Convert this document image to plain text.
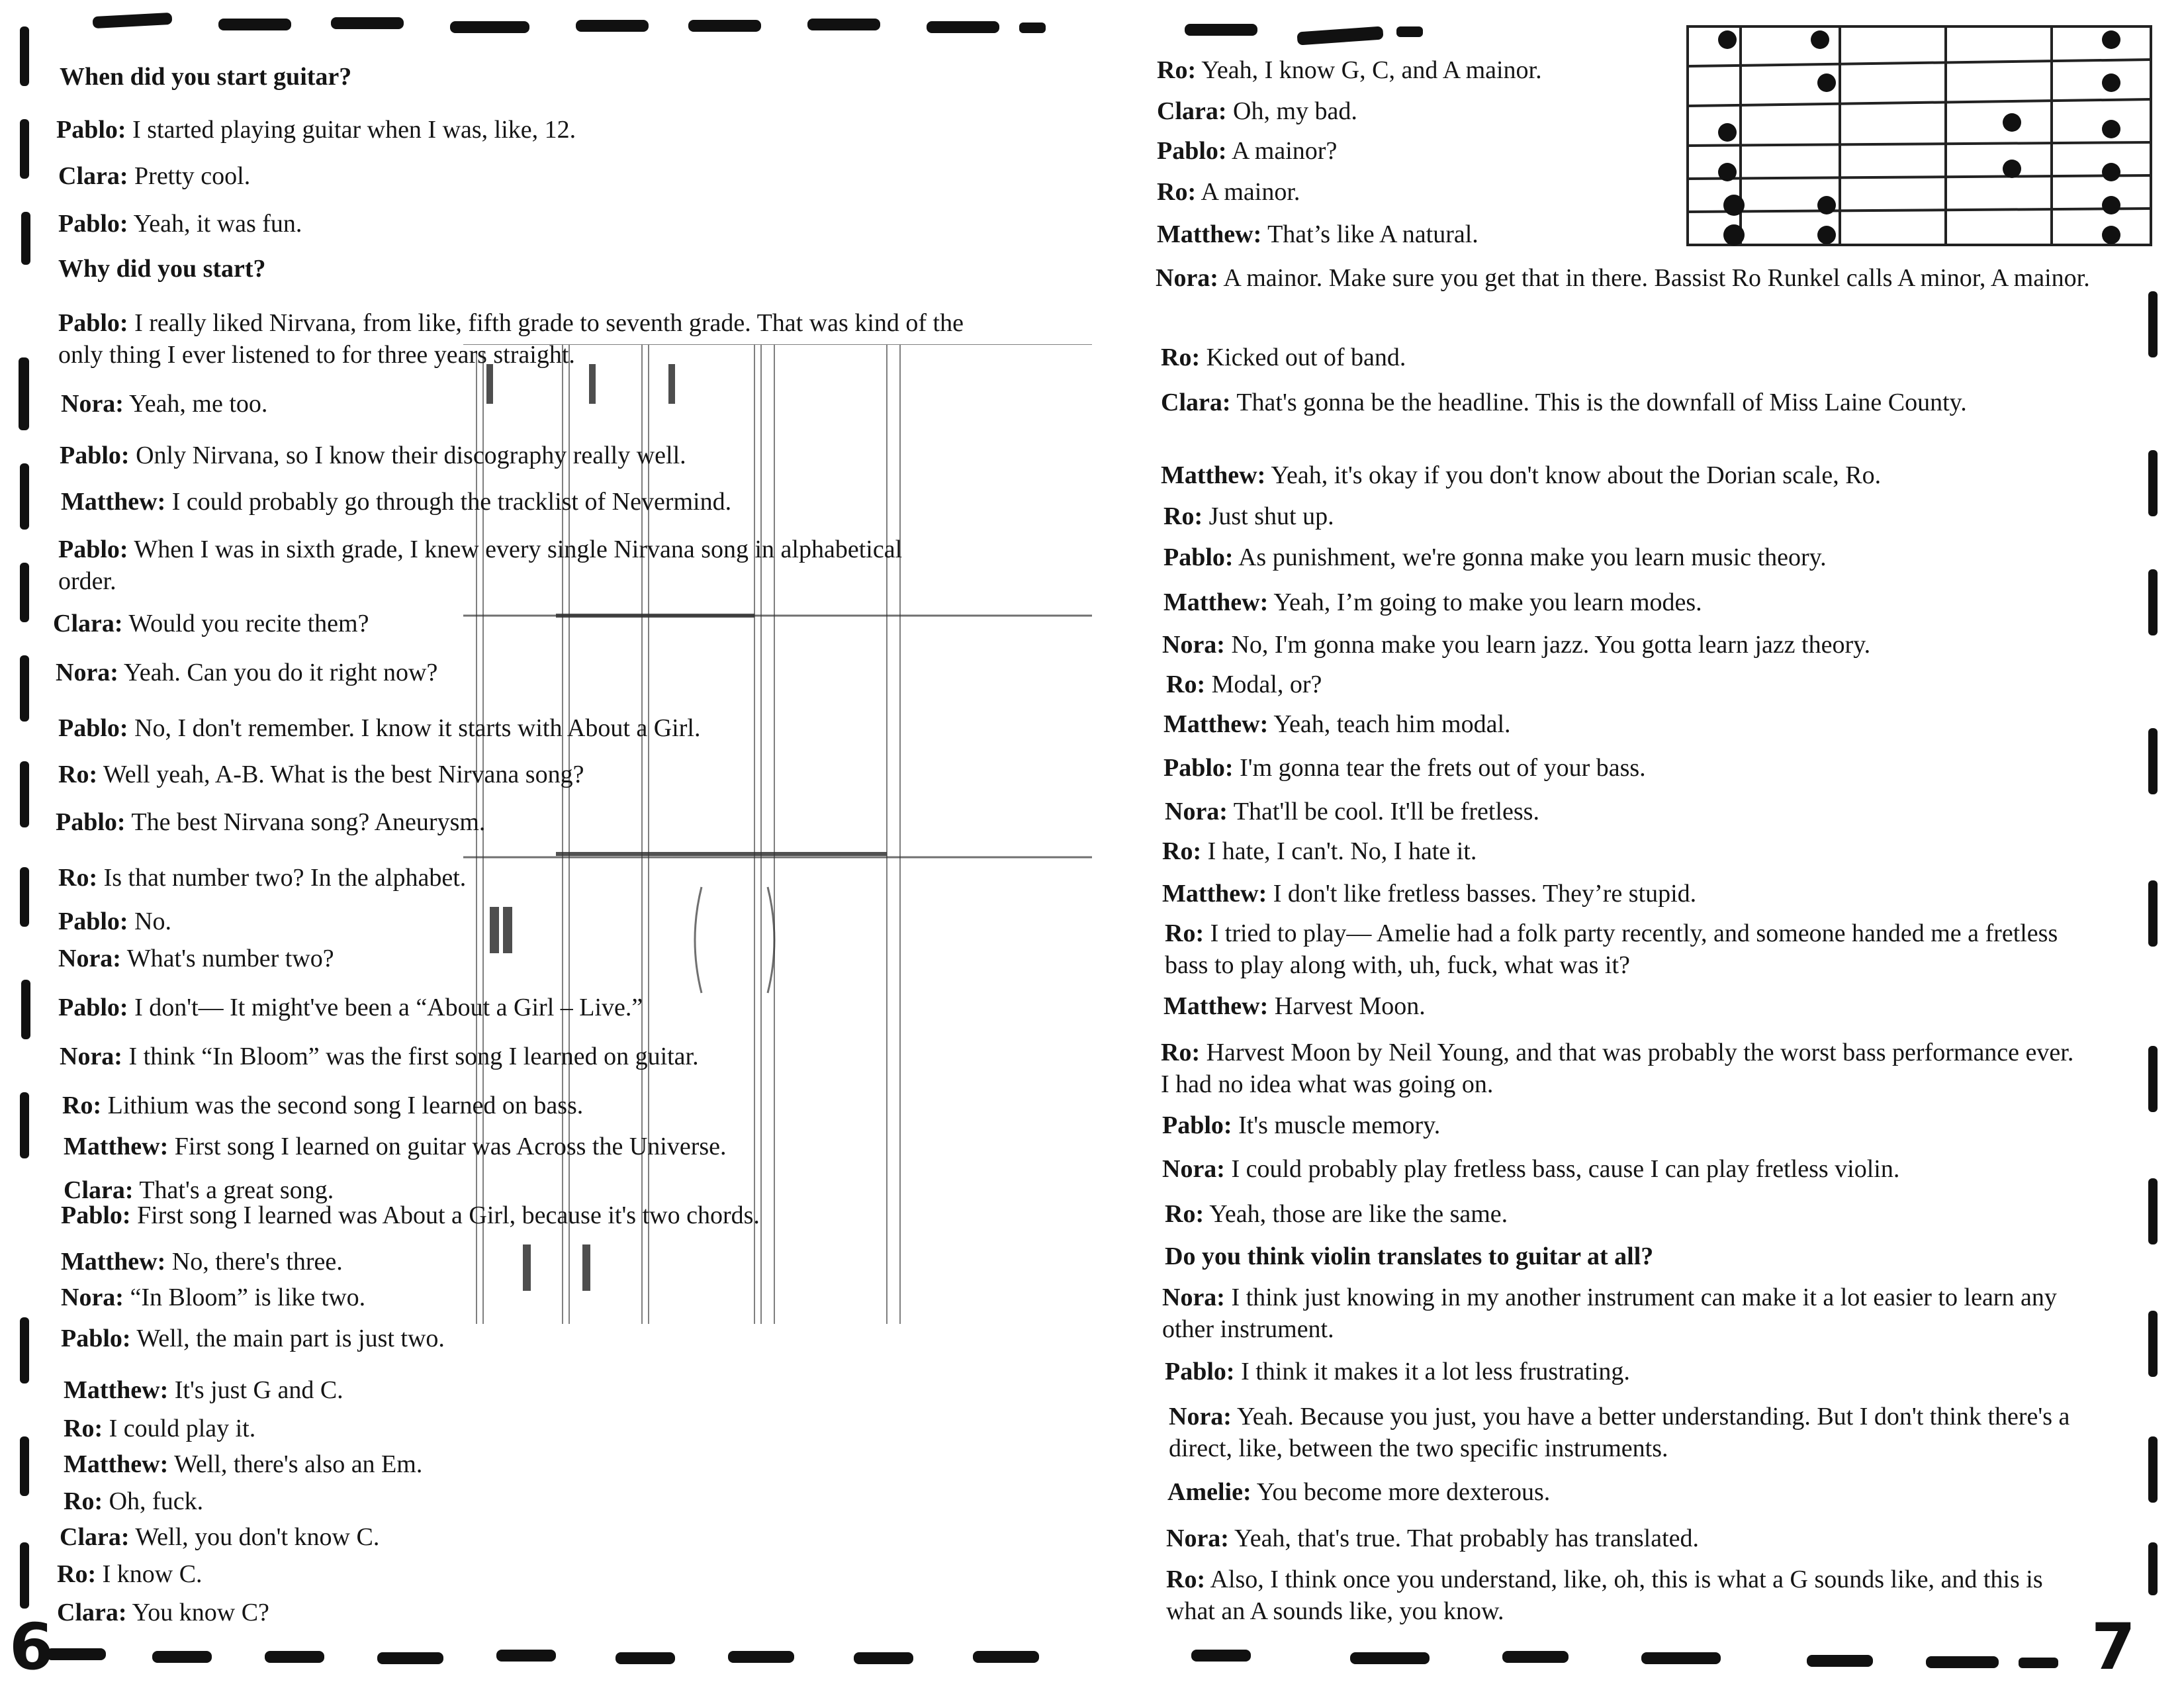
6
When did you start guitar?
Pablo: I started playing guitar when I was, like, 12.
Clara: Pretty cool.
Pablo: Yeah, it was fun.
Why did you start?
Pablo: I really liked Nirvana, from like, fifth grade to seventh grade. That was kind of the only thing I ever listened to for three years straight.
Nora: Yeah, me too.
Pablo: Only Nirvana, so I know their discography really well.
Matthew: I could probably go through the tracklist of Nevermind.
Pablo: When I was in sixth grade, I knew every single Nirvana song in alphabetical order.
Clara: Would you recite them?
Nora: Yeah. Can you do it right now?
Pablo: No, I don't remember. I know it starts with About a Girl.
Ro: Well yeah, A-B. What is the best Nirvana song?
Pablo: The best Nirvana song? Aneurysm.
Ro: Is that number two? In the alphabet.
Pablo: No.
Nora: What's number two?
Pablo: I don't— It might've been a “About a Girl – Live.”
Nora: I think “In Bloom” was the first song I learned on guitar.
Ro: Lithium was the second song I learned on bass.
Matthew: First song I learned on guitar was Across the Universe.
Clara: That's a great song.
Pablo: First song I learned was About a Girl, because it's two chords.
Matthew: No, there's three.
Nora: “In Bloom” is like two.
Pablo: Well, the main part is just two.
Matthew: It's just G and C.
Ro: I could play it.
Matthew: Well, there's also an Em.
Ro: Oh, fuck.
Clara: Well, you don't know C.
Ro: I know C.
Clara: You know C?	7
Ro: Yeah, I know G, C, and A mainor.
Clara: Oh, my bad.
Pablo: A mainor?
Ro: A mainor.
Matthew: That’s like A natural.
Nora: A mainor. Make sure you get that in there. Bassist Ro Runkel calls A minor, A mainor.
Ro: Kicked out of band.
Clara: That's gonna be the headline. This is the downfall of Miss Laine County.
Matthew: Yeah, it's okay if you don't know about the Dorian scale, Ro.
Ro: Just shut up.
Pablo: As punishment, we're gonna make you learn music theory.
Matthew: Yeah, I’m going to make you learn modes.
Nora: No, I'm gonna make you learn jazz. You gotta learn jazz theory.
Ro: Modal, or?
Matthew: Yeah, teach him modal.
Pablo: I'm gonna tear the frets out of your bass.
Nora: That'll be cool. It'll be fretless.
Ro: I hate, I can't. No, I hate it.
Matthew: I don't like fretless basses. They’re stupid.
Ro: I tried to play— Amelie had a folk party recently, and someone handed me a fretless bass to play along with, uh, fuck, what was it?
Matthew: Harvest Moon.
Ro: Harvest Moon by Neil Young, and that was probably the worst bass performance ever. I had no idea what was going on.
Pablo: It's muscle memory.
Nora: I could probably play fretless bass, cause I can play fretless violin.
Ro: Yeah, those are like the same.
Do you think violin translates to guitar at all?
Nora: I think just knowing in my another instrument can make it a lot easier to learn any other instrument.
Pablo: I think it makes it a lot less frustrating.
Nora: Yeah. Because you just, you have a better understanding. But I don't think there's a direct, like, between the two specific instruments.
Amelie: You become more dexterous.
Nora: Yeah, that's true. That probably has translated.
Ro: Also, I think once you understand, like, oh, this is what a G sounds like, and this is what an A sounds like, you know.
